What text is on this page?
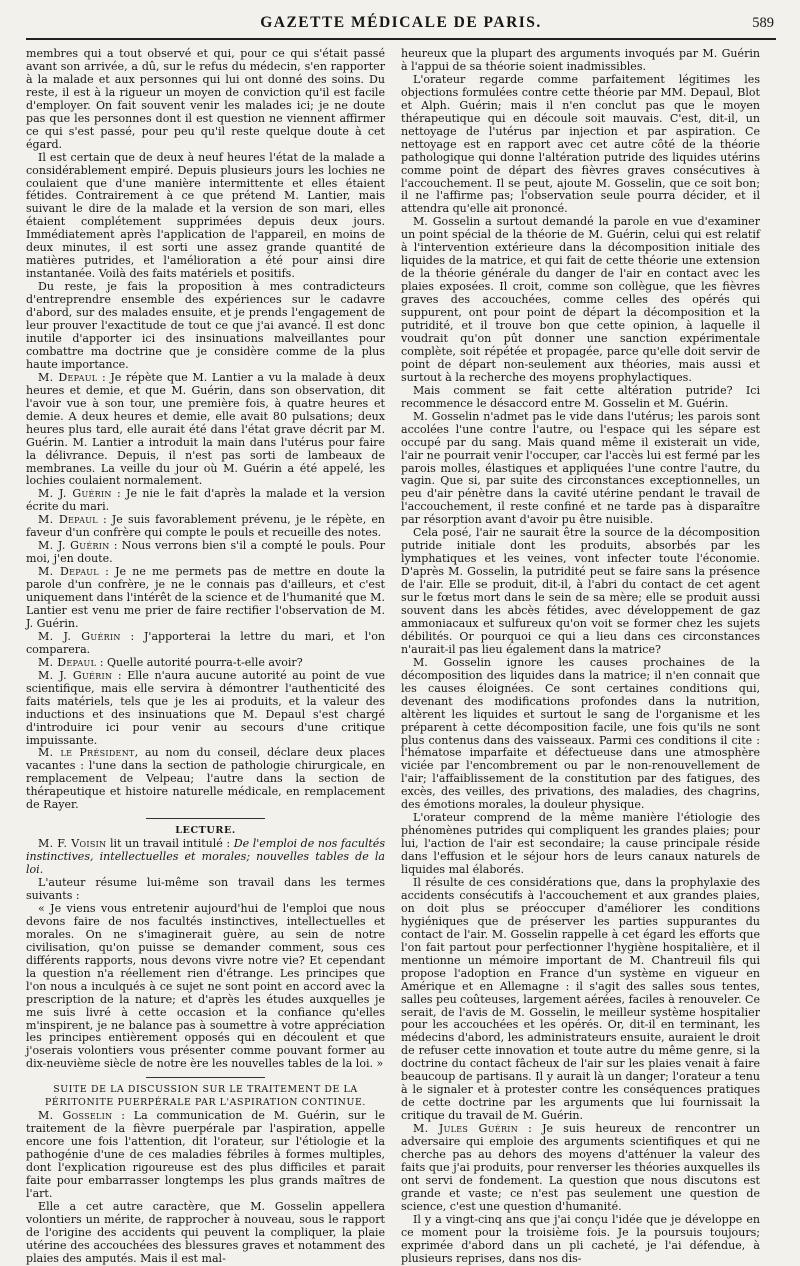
GAZETTE MÉDICALE DE PARIS.	589

membres qui a tout observé et qui, pour ce qui s'était passé avant son arrivée, a dû, sur le refus du médecin, s'en rapporter à la malade et aux personnes qui lui ont donné des soins. Du reste, il est à la rigueur un moyen de conviction qu'il est facile d'employer. On fait souvent venir les malades ici; je ne doute pas que les personnes dont il est question ne viennent affirmer ce qui s'est passé, pour peu qu'il reste quelque doute à cet égard.

Il est certain que de deux à neuf heures l'état de la malade a considérablement empiré. Depuis plusieurs jours les lochies ne coulaient que d'une manière intermittente et elles étaient fétides. Contrairement à ce que prétend M. Lantier, mais suivant le dire de la malade et la version de son mari, elles étaient complétement supprimées depuis deux jours. Immédiatement après l'application de l'appareil, en moins de deux minutes, il est sorti une assez grande quantité de matières putrides, et l'amélioration a été pour ainsi dire instantanée. Voilà des faits matériels et positifs.

Du reste, je fais la proposition à mes contradicteurs d'entreprendre ensemble des expériences sur le cadavre d'abord, sur des malades ensuite, et je prends l'engagement de leur prouver l'exactitude de tout ce que j'ai avancé. Il est donc inutile d'apporter ici des insinuations malveillantes pour combattre ma doctrine que je considère comme de la plus haute importance.

M. Depaul : Je répète que M. Lantier a vu la malade à deux heures et demie, et que M. Guérin, dans son observation, dit l'avoir vue à son tour, une première fois, à quatre heures et demie. A deux heures et demie, elle avait 80 pulsations; deux heures plus tard, elle aurait été dans l'état grave décrit par M. Guérin. M. Lantier a introduit la main dans l'utérus pour faire la délivrance. Depuis, il n'est pas sorti de lambeaux de membranes. La veille du jour où M. Guérin a été appelé, les lochies coulaient normalement.

M. J. Guérin : Je nie le fait d'après la malade et la version écrite du mari.

M. Depaul : Je suis favorablement prévenu, je le répète, en faveur d'un confrère qui compte le pouls et recueille des notes.

M. J. Guérin : Nous verrons bien s'il a compté le pouls. Pour moi, j'en doute.

M. Depaul : Je ne me permets pas de mettre en doute la parole d'un confrère, je ne le connais pas d'ailleurs, et c'est uniquement dans l'intérêt de la science et de l'humanité que M. Lantier est venu me prier de faire rectifier l'observation de M. J. Guérin.

M. J. Guérin : J'apporterai la lettre du mari, et l'on comparera.

M. Depaul : Quelle autorité pourra-t-elle avoir?

M. J. Guérin : Elle n'aura aucune autorité au point de vue scientifique, mais elle servira à démontrer l'authenticité des faits matériels, tels que je les ai produits, et la valeur des inductions et des insinuations que M. Depaul s'est chargé d'introduire ici pour venir au secours d'une critique impuissante.

M. le Président, au nom du conseil, déclare deux places vacantes : l'une dans la section de pathologie chirurgicale, en remplacement de Velpeau; l'autre dans la section de thérapeutique et histoire naturelle médicale, en remplacement de Rayer.

LECTURE.

M. F. Voisin lit un travail intitulé : De l'emploi de nos facultés instinctives, intellectuelles et morales; nouvelles tables de la loi.

L'auteur résume lui-même son travail dans les termes suivants :

« Je viens vous entretenir aujourd'hui de l'emploi que nous devons faire de nos facultés instinctives, intellectuelles et morales. On ne s'imaginerait guère, au sein de notre civilisation, qu'on puisse se demander comment, sous ces différents rapports, nous devons vivre notre vie? Et cependant la question n'a réellement rien d'étrange. Les principes que l'on nous a inculqués à ce sujet ne sont point en accord avec la prescription de la nature; et d'après les études auxquelles je me suis livré à cette occasion et la confiance qu'elles m'inspirent, je ne balance pas à soumettre à votre appréciation les principes entièrement opposés qui en découlent et que j'oserais volontiers vous présenter comme pouvant former au dix-neuvième siècle de notre ère les nouvelles tables de la loi. »

SUITE DE LA DISCUSSION SUR LE TRAITEMENT DE LA PÉRITONITE PUERPÉRALE PAR L'ASPIRATION CONTINUE.

M. Gosselin : La communication de M. Guérin, sur le traitement de la fièvre puerpérale par l'aspiration, appelle encore une fois l'attention, dit l'orateur, sur l'étiologie et la pathogénie d'une de ces maladies fébriles à formes multiples, dont l'explication rigoureuse est des plus difficiles et parait faite pour embarrasser longtemps les plus grands maîtres de l'art.

Elle a cet autre caractère, que M. Gosselin appellera volontiers un mérite, de rapprocher à nouveau, sous le rapport de l'origine des accidents qui peuvent la compliquer, la plaie utérine des accouchées des blessures graves et notamment des plaies des amputés. Mais il est mal-

heureux que la plupart des arguments invoqués par M. Guérin à l'appui de sa théorie soient inadmissibles.

L'orateur regarde comme parfaitement légitimes les objections formulées contre cette théorie par MM. Depaul, Blot et Alph. Guérin; mais il n'en conclut pas que le moyen thérapeutique qui en découle soit mauvais. C'est, dit-il, un nettoyage de l'utérus par injection et par aspiration. Ce nettoyage est en rapport avec cet autre côté de la théorie pathologique qui donne l'altération putride des liquides utérins comme point de départ des fièvres graves consécutives à l'accouchement. Il se peut, ajoute M. Gosselin, que ce soit bon; il ne l'affirme pas; l'observation seule pourra décider, et il attendra qu'elle ait prononcé.

M. Gosselin a surtout demandé la parole en vue d'examiner un point spécial de la théorie de M. Guérin, celui qui est relatif à l'intervention extérieure dans la décomposition initiale des liquides de la matrice, et qui fait de cette théorie une extension de la théorie générale du danger de l'air en contact avec les plaies exposées. Il croit, comme son collègue, que les fièvres graves des accouchées, comme celles des opérés qui suppurent, ont pour point de départ la décomposition et la putridité, et il trouve bon que cette opinion, à laquelle il voudrait qu'on pût donner une sanction expérimentale complète, soit répétée et propagée, parce qu'elle doit servir de point de départ non-seulement aux théories, mais aussi et surtout à la recherche des moyens prophylactiques.

Mais comment se fait cette altération putride? Ici recommence le désaccord entre M. Gosselin et M. Guérin.

M. Gosselin n'admet pas le vide dans l'utérus; les parois sont accolées l'une contre l'autre, ou l'espace qui les sépare est occupé par du sang. Mais quand même il existerait un vide, l'air ne pourrait venir l'occuper, car l'accès lui est fermé par les parois molles, élastiques et appliquées l'une contre l'autre, du vagin. Que si, par suite des circonstances exceptionnelles, un peu d'air pénètre dans la cavité utérine pendant le travail de l'accouchement, il reste confiné et ne tarde pas à disparaître par résorption avant d'avoir pu être nuisible.

Cela posé, l'air ne saurait être la source de la décomposition putride initiale dont les produits, absorbés par les lymphatiques et les veines, vont infecter toute l'économie. D'après M. Gosselin, la putridité peut se faire sans la présence de l'air. Elle se produit, dit-il, à l'abri du contact de cet agent sur le fœtus mort dans le sein de sa mère; elle se produit aussi souvent dans les abcès fétides, avec développement de gaz ammoniacaux et sulfureux qu'on voit se former chez les sujets débilités. Or pourquoi ce qui a lieu dans ces circonstances n'aurait-il pas lieu également dans la matrice?

M. Gosselin ignore les causes prochaines de la décomposition des liquides dans la matrice; il n'en connait que les causes éloignées. Ce sont certaines conditions qui, devenant des modifications profondes dans la nutrition, altèrent les liquides et surtout le sang de l'organisme et les préparent à cette décomposition facile, une fois qu'ils ne sont plus contenus dans des vaisseaux. Parmi ces conditions il cite : l'hématose imparfaite et défectueuse dans une atmosphère viciée par l'encombrement ou par le non-renouvellement de l'air; l'affaiblissement de la constitution par des fatigues, des excès, des veilles, des privations, des maladies, des chagrins, des émotions morales, la douleur physique.

L'orateur comprend de la même manière l'étiologie des phénomènes putrides qui compliquent les grandes plaies; pour lui, l'action de l'air est secondaire; la cause principale réside dans l'effusion et le séjour hors de leurs canaux naturels de liquides mal élaborés.

Il résulte de ces considérations que, dans la prophylaxie des accidents consécutifs à l'accouchement et aux grandes plaies, on doit plus se préoccuper d'améliorer les conditions hygiéniques que de préserver les parties suppurantes du contact de l'air. M. Gosselin rappelle à cet égard les efforts que l'on fait partout pour perfectionner l'hygiène hospitalière, et il mentionne un mémoire important de M. Chantreuil fils qui propose l'adoption en France d'un système en vigueur en Amérique et en Allemagne : il s'agit des salles sous tentes, salles peu coûteuses, largement aérées, faciles à renouveler. Ce serait, de l'avis de M. Gosselin, le meilleur système hospitalier pour les accouchées et les opérés. Or, dit-il en terminant, les médecins d'abord, les administrateurs ensuite, auraient le droit de refuser cette innovation et toute autre du même genre, si la doctrine du contact fâcheux de l'air sur les plaies venait à faire beaucoup de partisans. Il y aurait là un danger; l'orateur a tenu à le signaler et à protester contre les conséquences pratiques de cette doctrine par les arguments que lui fournissait la critique du travail de M. Guérin.

M. Jules Guérin : Je suis heureux de rencontrer un adversaire qui emploie des arguments scientifiques et qui ne cherche pas au dehors des moyens d'atténuer la valeur des faits que j'ai produits, pour renverser les théories auxquelles ils ont servi de fondement. La question que nous discutons est grande et vaste; ce n'est pas seulement une question de science, c'est une question d'humanité.

Il y a vingt-cinq ans que j'ai conçu l'idée que je développe en ce moment pour la troisième fois. Je la poursuis toujours; exprimée d'abord dans un pli cacheté, je l'ai défendue, à plusieurs reprises, dans nos dis-
